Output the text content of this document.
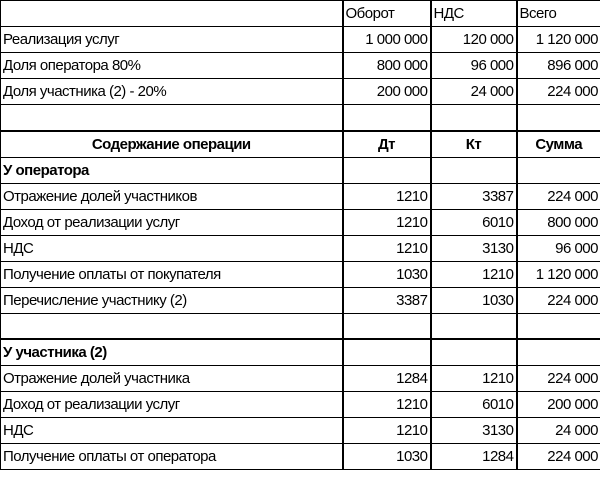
	Оборот	НДС	Всего
Реализация услуг	1 000 000	120 000	1 120 000
Доля оператора 80%	800 000	96 000	896 000
Доля участника (2) - 20%	200 000	24 000	224 000

Содержание операции	Дт	Кт	Сумма
У оператора			
Отражение долей участников	1210	3387	224 000
Доход от реализации услуг	1210	6010	800 000
НДС	1210	3130	96 000
Получение оплаты от покупателя	1030	1210	1 120 000
Перечисление участнику (2)	3387	1030	224 000

У участника (2)			
Отражение долей участника	1284	1210	224 000
Доход от реализации услуг	1210	6010	200 000
НДС	1210	3130	24 000
Получение оплаты от оператора	1030	1284	224 000
